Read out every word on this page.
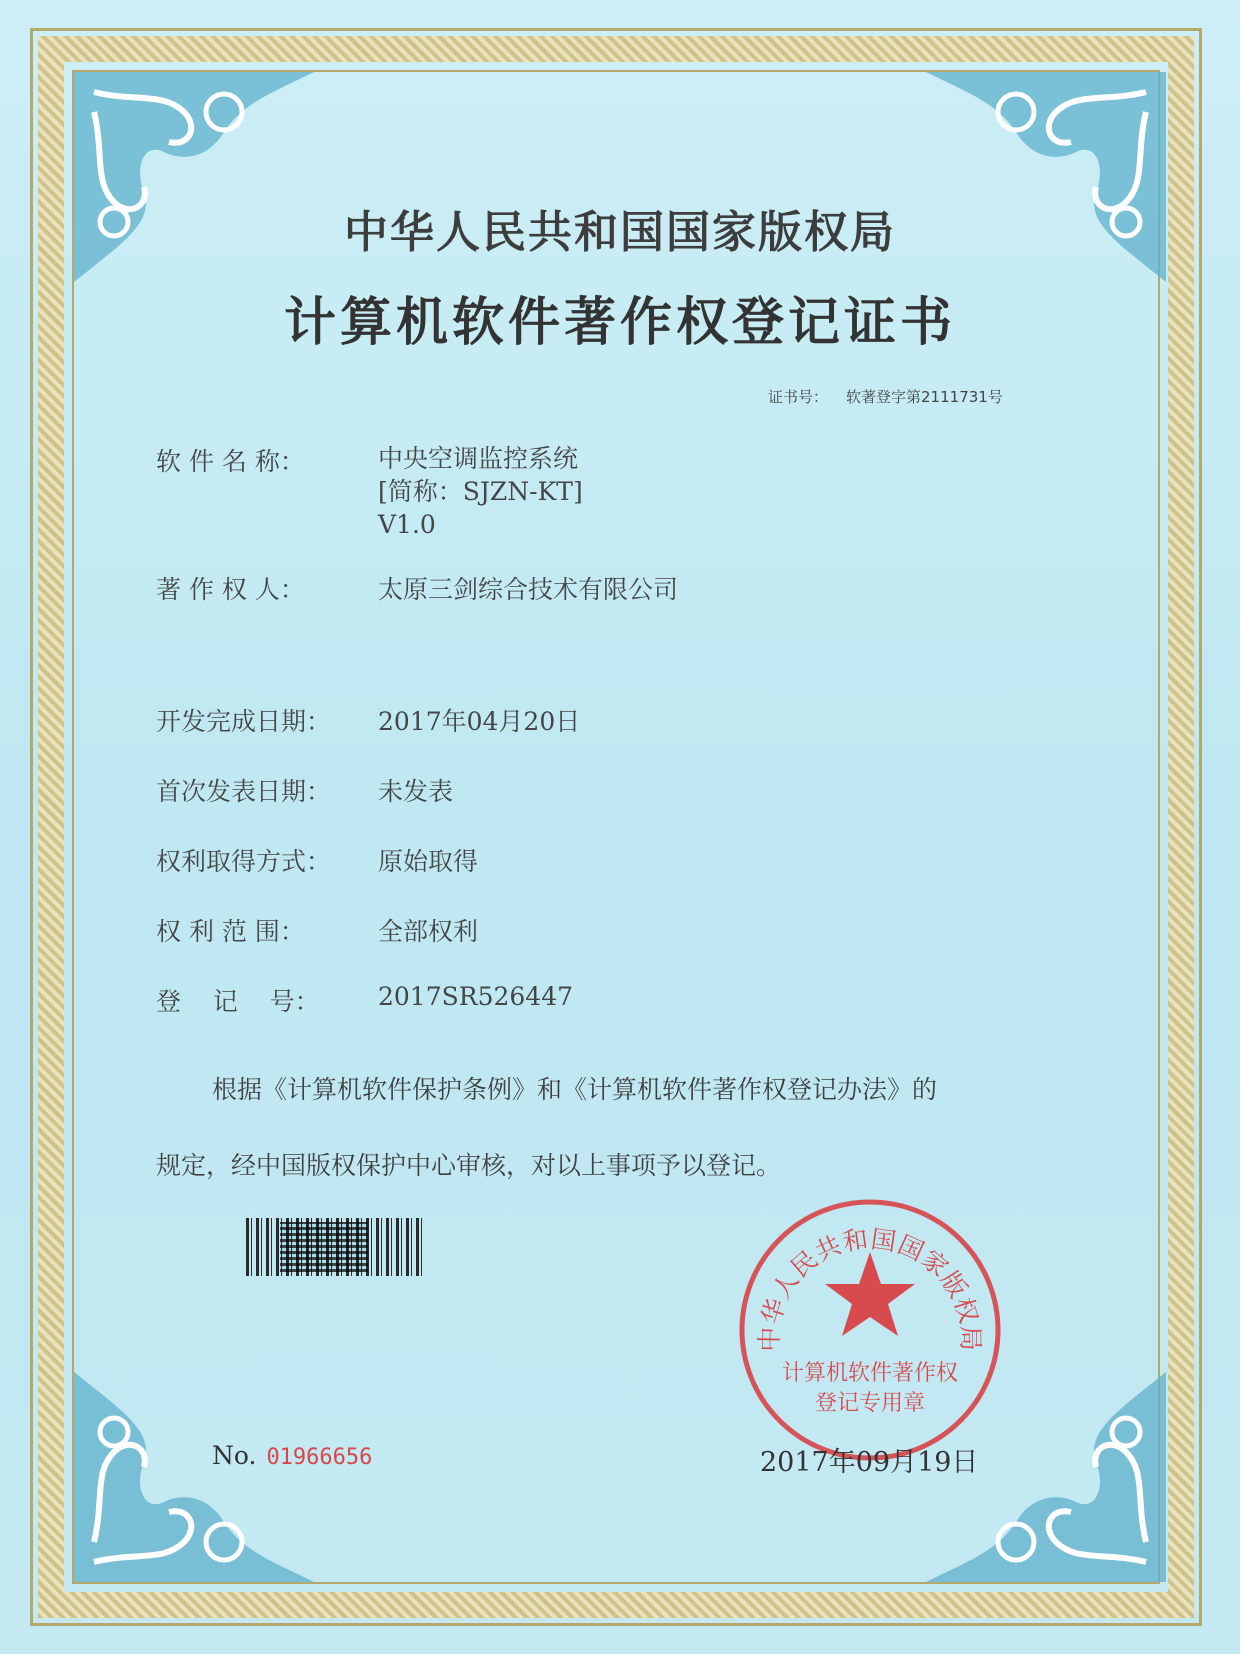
中华人民共和国国家版权局
计算机软件著作权登记证书
证书号： 软著登字第2111731号
软 件 名 称：	中央空调监控系统
[简称：SJZN-KT]
V1.0
著 作 权 人：	太原三剑综合技术有限公司
开发完成日期： 2017年04月20日
首次发表日期： 未发表
权利取得方式： 原始取得
权 利 范 围：	全部权利
登    记    号： 2017SR526447
根据《计算机软件保护条例》和《计算机软件著作权登记办法》的
规定，经中国版权保护中心审核，对以上事项予以登记。
中华人民共和国国家版权局
计算机软件著作权
登记专用章
No. 01966656	2017年09月19日
